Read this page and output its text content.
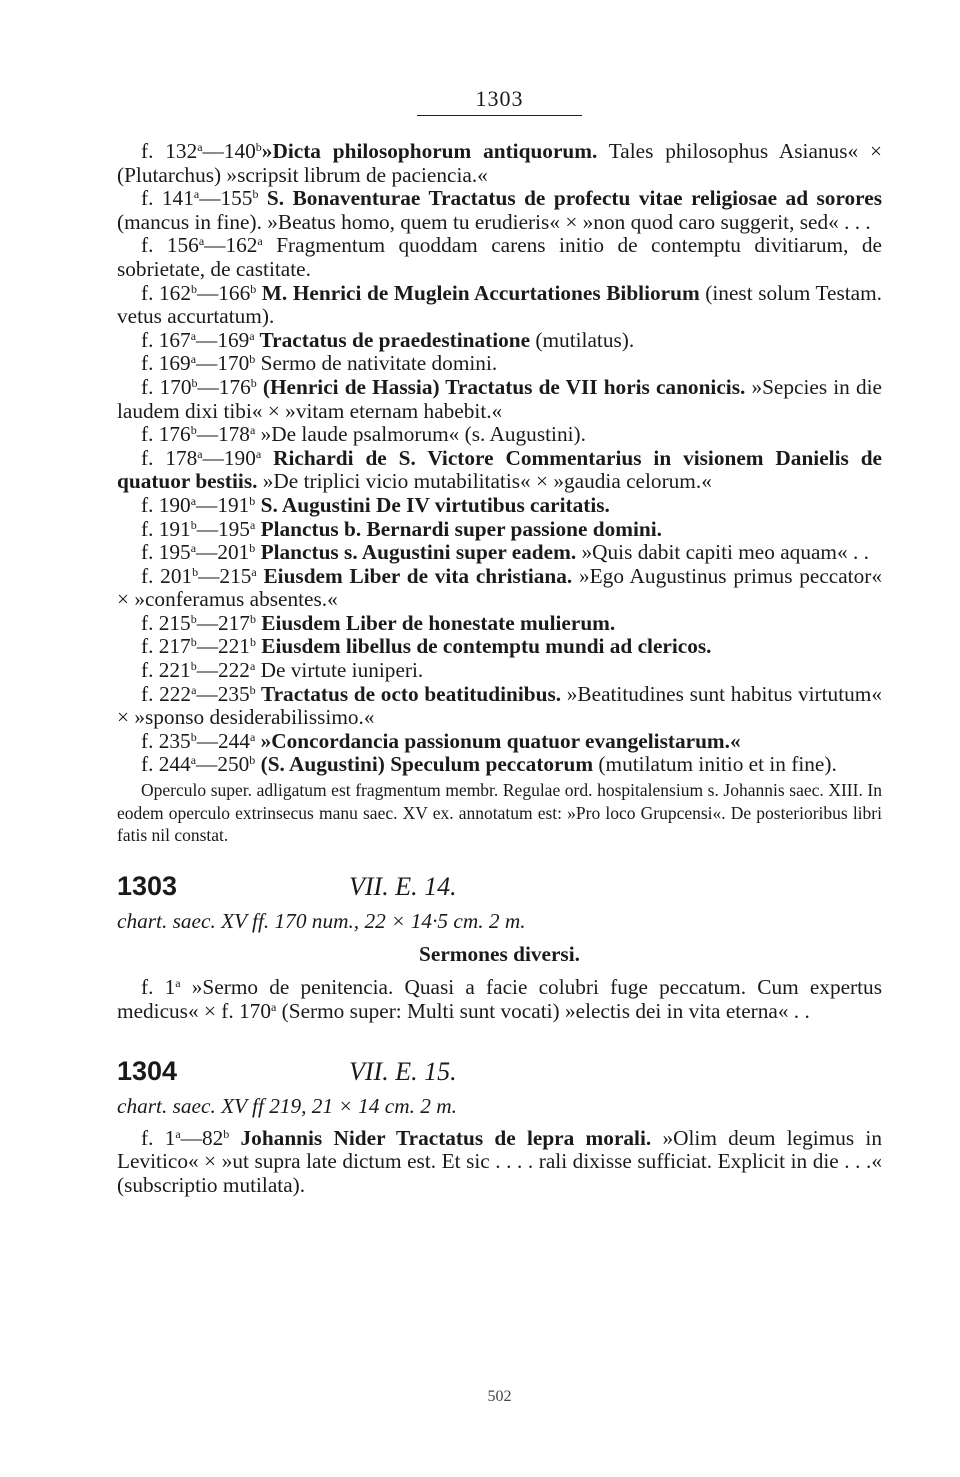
1303

f. 132$^a$—140$^b$»Dicta philosophorum antiquorum. Tales philosophus Asianus« × (Plutarchus) »scripsit librum de paciencia.«

f. 141$^a$—155$^b$ S. Bonaventurae Tractatus de profectu vitae religiosae ad sorores (mancus in fine). »Beatus homo, quem tu erudieris« × »non quod caro suggerit, sed« . . .

f. 156$^a$—162$^a$ Fragmentum quoddam carens initio de contemptu divitiarum, de sobrietate, de castitate.

f. 162$^b$—166$^b$ M. Henrici de Muglein Accurtationes Bibliorum (inest solum Testam. vetus accurtatum).

f. 167$^a$—169$^a$ Tractatus de praedestinatione (mutilatus).

f. 169$^a$—170$^b$ Sermo de nativitate domini.

f. 170$^b$—176$^b$ (Henrici de Hassia) Tractatus de VII horis canonicis. »Sepcies in die laudem dixi tibi« × »vitam eternam habebit.«

f. 176$^b$—178$^a$ »De laude psalmorum« (s. Augustini).

f. 178$^a$—190$^a$ Richardi de S. Victore Commentarius in visionem Danielis de quatuor bestiis. »De triplici vicio mutabilitatis« × »gaudia celorum.«

f. 190$^a$—191$^b$ S. Augustini De IV virtutibus caritatis.

f. 191$^b$—195$^a$ Planctus b. Bernardi super passione domini.

f. 195$^a$—201$^b$ Planctus s. Augustini super eadem. »Quis dabit capiti meo aquam« . .

f. 201$^b$—215$^a$ Eiusdem Liber de vita christiana. »Ego Augustinus primus peccator« × »conferamus absentes.«

f. 215$^b$—217$^b$ Eiusdem Liber de honestate mulierum.

f. 217$^b$—221$^b$ Eiusdem libellus de contemptu mundi ad clericos.

f. 221$^b$—222$^a$ De virtute iuniperi.

f. 222$^a$—235$^b$ Tractatus de octo beatitudinibus. »Beatitudines sunt habitus virtutum« × »sponso desiderabilissimo.«

f. 235$^b$—244$^a$ »Concordancia passionum quatuor evangelistarum.«

f. 244$^a$—250$^b$ (S. Augustini) Speculum peccatorum (mutilatum initio et in fine).

Operculo super. adligatum est fragmentum membr. Regulae ord. hospitalensium s. Johannis saec. XIII. In eodem operculo extrinsecus manu saec. XV ex. annotatum est: »Pro loco Grupcensi«. De posterioribus libri fatis nil constat.

1303	VII. E. 14.

chart. saec. XV ff. 170 num., 22 × 14·5 cm. 2 m.

Sermones diversi.

f. 1$^a$ »Sermo de penitencia. Quasi a facie colubri fuge peccatum. Cum expertus medicus« × f. 170$^a$ (Sermo super: Multi sunt vocati) »electis dei in vita eterna« . .

1304	VII. E. 15.

chart. saec. XV ff 219, 21 × 14 cm. 2 m.

f. 1$^a$—82$^b$ Johannis Nider Tractatus de lepra morali. »Olim deum legimus in Levitico« × »ut supra late dictum est. Et sic . . . . rali dixisse sufficiat. Explicit in die . . .« (subscriptio mutilata).

502
